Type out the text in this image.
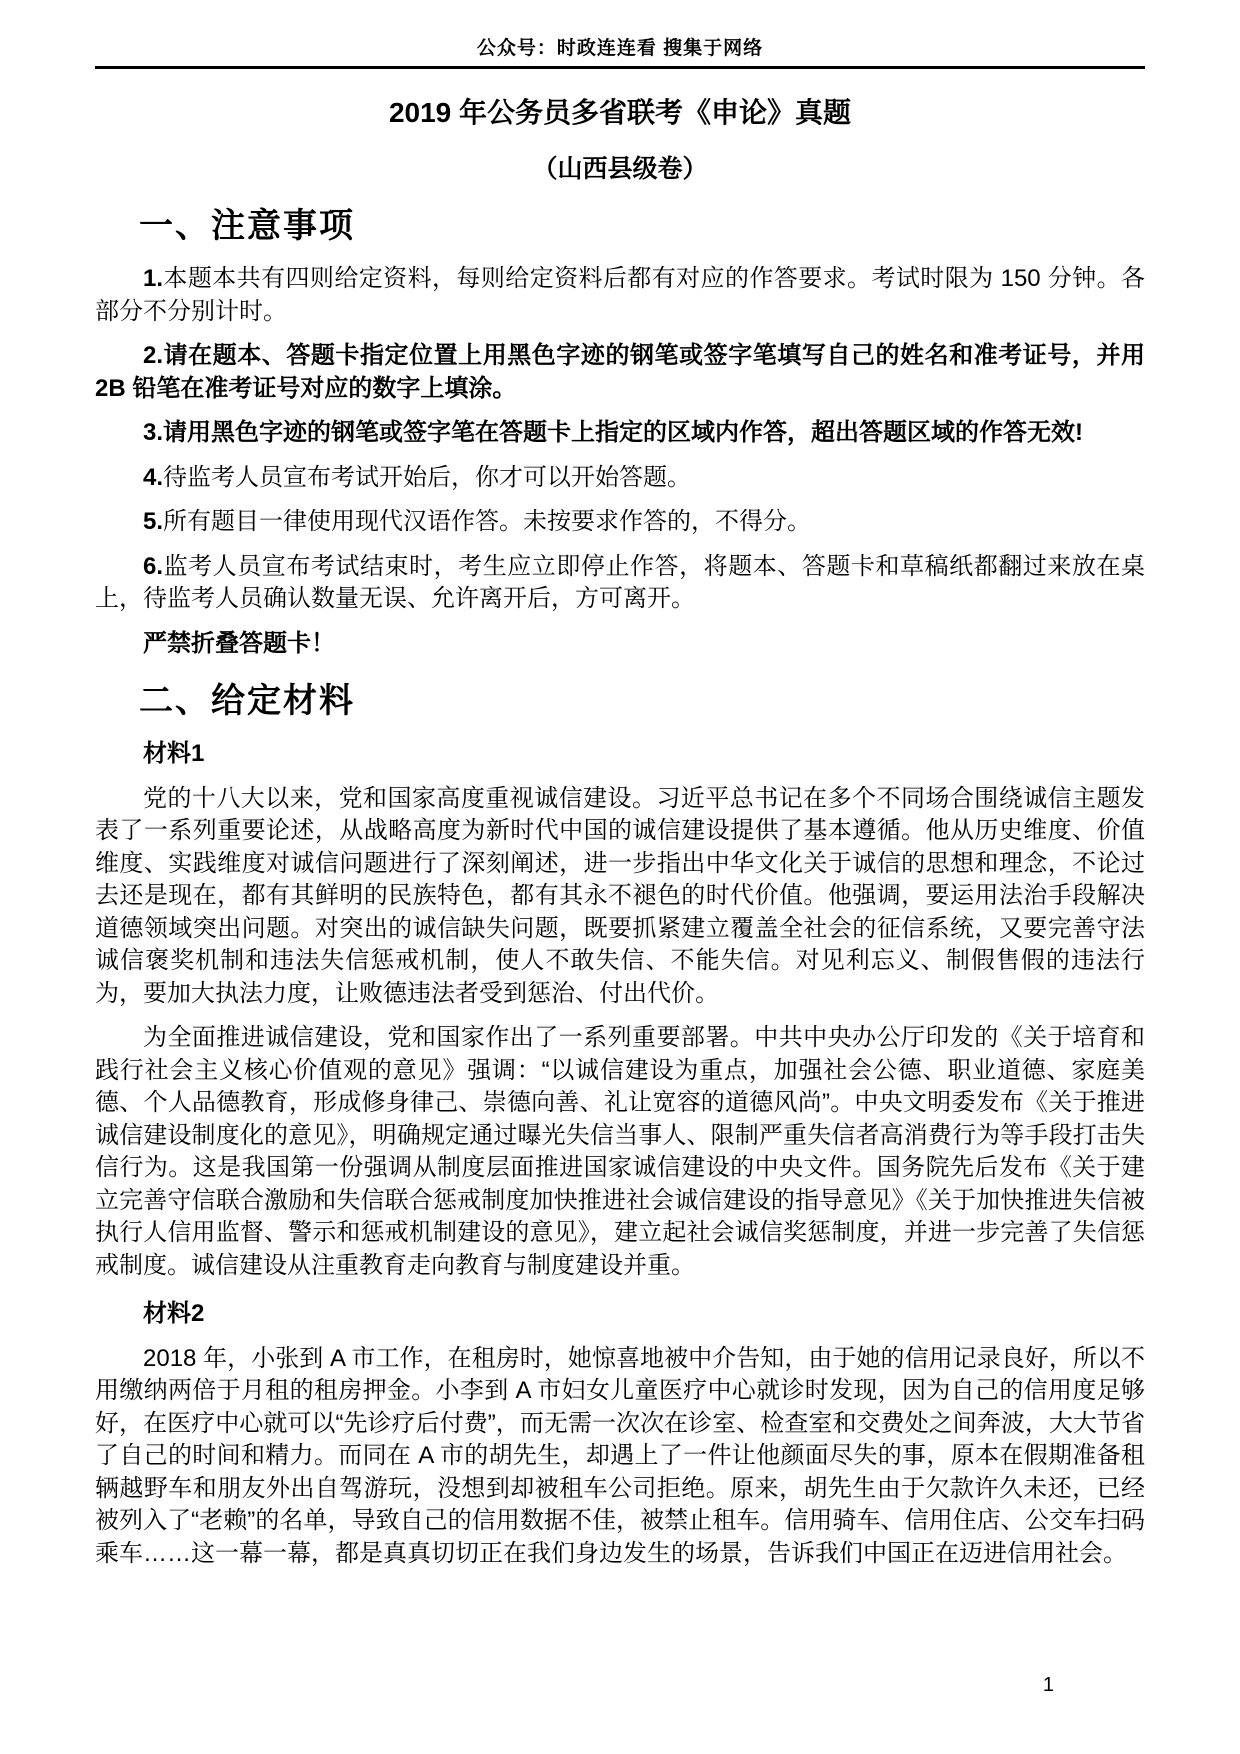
公众号：时政连连看 搜集于网络
2019 年公务员多省联考《申论》真题
（山西县级卷）
一、注意事项

1.本题本共有四则给定资料，每则给定资料后都有对应的作答要求。考试时限为 150 分钟。各部分不分别计时。

2.请在题本、答题卡指定位置上用黑色字迹的钢笔或签字笔填写自己的姓名和准考证号，并用 2B 铅笔在准考证号对应的数字上填涂。

3.请用黑色字迹的钢笔或签字笔在答题卡上指定的区域内作答，超出答题区域的作答无效!

4.待监考人员宣布考试开始后，你才可以开始答题。

5.所有题目一律使用现代汉语作答。未按要求作答的，不得分。

6.监考人员宣布考试结束时，考生应立即停止作答，将题本、答题卡和草稿纸都翻过来放在桌上，待监考人员确认数量无误、允许离开后，方可离开。

严禁折叠答题卡！

二、给定材料

材料1

党的十八大以来，党和国家高度重视诚信建设。习近平总书记在多个不同场合围绕诚信主题发表了一系列重要论述，从战略高度为新时代中国的诚信建设提供了基本遵循。他从历史维度、价值维度、实践维度对诚信问题进行了深刻阐述，进一步指出中华文化关于诚信的思想和理念，不论过去还是现在，都有其鲜明的民族特色，都有其永不褪色的时代价值。他强调，要运用法治手段解决道德领域突出问题。对突出的诚信缺失问题，既要抓紧建立覆盖全社会的征信系统，又要完善守法诚信褒奖机制和违法失信惩戒机制，使人不敢失信、不能失信。对见利忘义、制假售假的违法行为，要加大执法力度，让败德违法者受到惩治、付出代价。

为全面推进诚信建设，党和国家作出了一系列重要部署。中共中央办公厅印发的《关于培育和践行社会主义核心价值观的意见》强调：“以诚信建设为重点，加强社会公德、职业道德、家庭美德、个人品德教育，形成修身律己、崇德向善、礼让宽容的道德风尚”。中央文明委发布《关于推进诚信建设制度化的意见》，明确规定通过曝光失信当事人、限制严重失信者高消费行为等手段打击失信行为。这是我国第一份强调从制度层面推进国家诚信建设的中央文件。国务院先后发布《关于建立完善守信联合激励和失信联合惩戒制度加快推进社会诚信建设的指导意见》《关于加快推进失信被执行人信用监督、警示和惩戒机制建设的意见》，建立起社会诚信奖惩制度，并进一步完善了失信惩戒制度。诚信建设从注重教育走向教育与制度建设并重。

材料2

2018 年，小张到 A 市工作，在租房时，她惊喜地被中介告知，由于她的信用记录良好，所以不用缴纳两倍于月租的租房押金。小李到 A 市妇女儿童医疗中心就诊时发现，因为自己的信用度足够好，在医疗中心就可以“先诊疗后付费”，而无需一次次在诊室、检查室和交费处之间奔波，大大节省了自己的时间和精力。而同在 A 市的胡先生，却遇上了一件让他颜面尽失的事，原本在假期准备租辆越野车和朋友外出自驾游玩，没想到却被租车公司拒绝。原来，胡先生由于欠款许久未还，已经被列入了“老赖”的名单，导致自己的信用数据不佳，被禁止租车。信用骑车、信用住店、公交车扫码乘车……这一幕一幕，都是真真切切正在我们身边发生的场景，告诉我们中国正在迈进信用社会。

1
